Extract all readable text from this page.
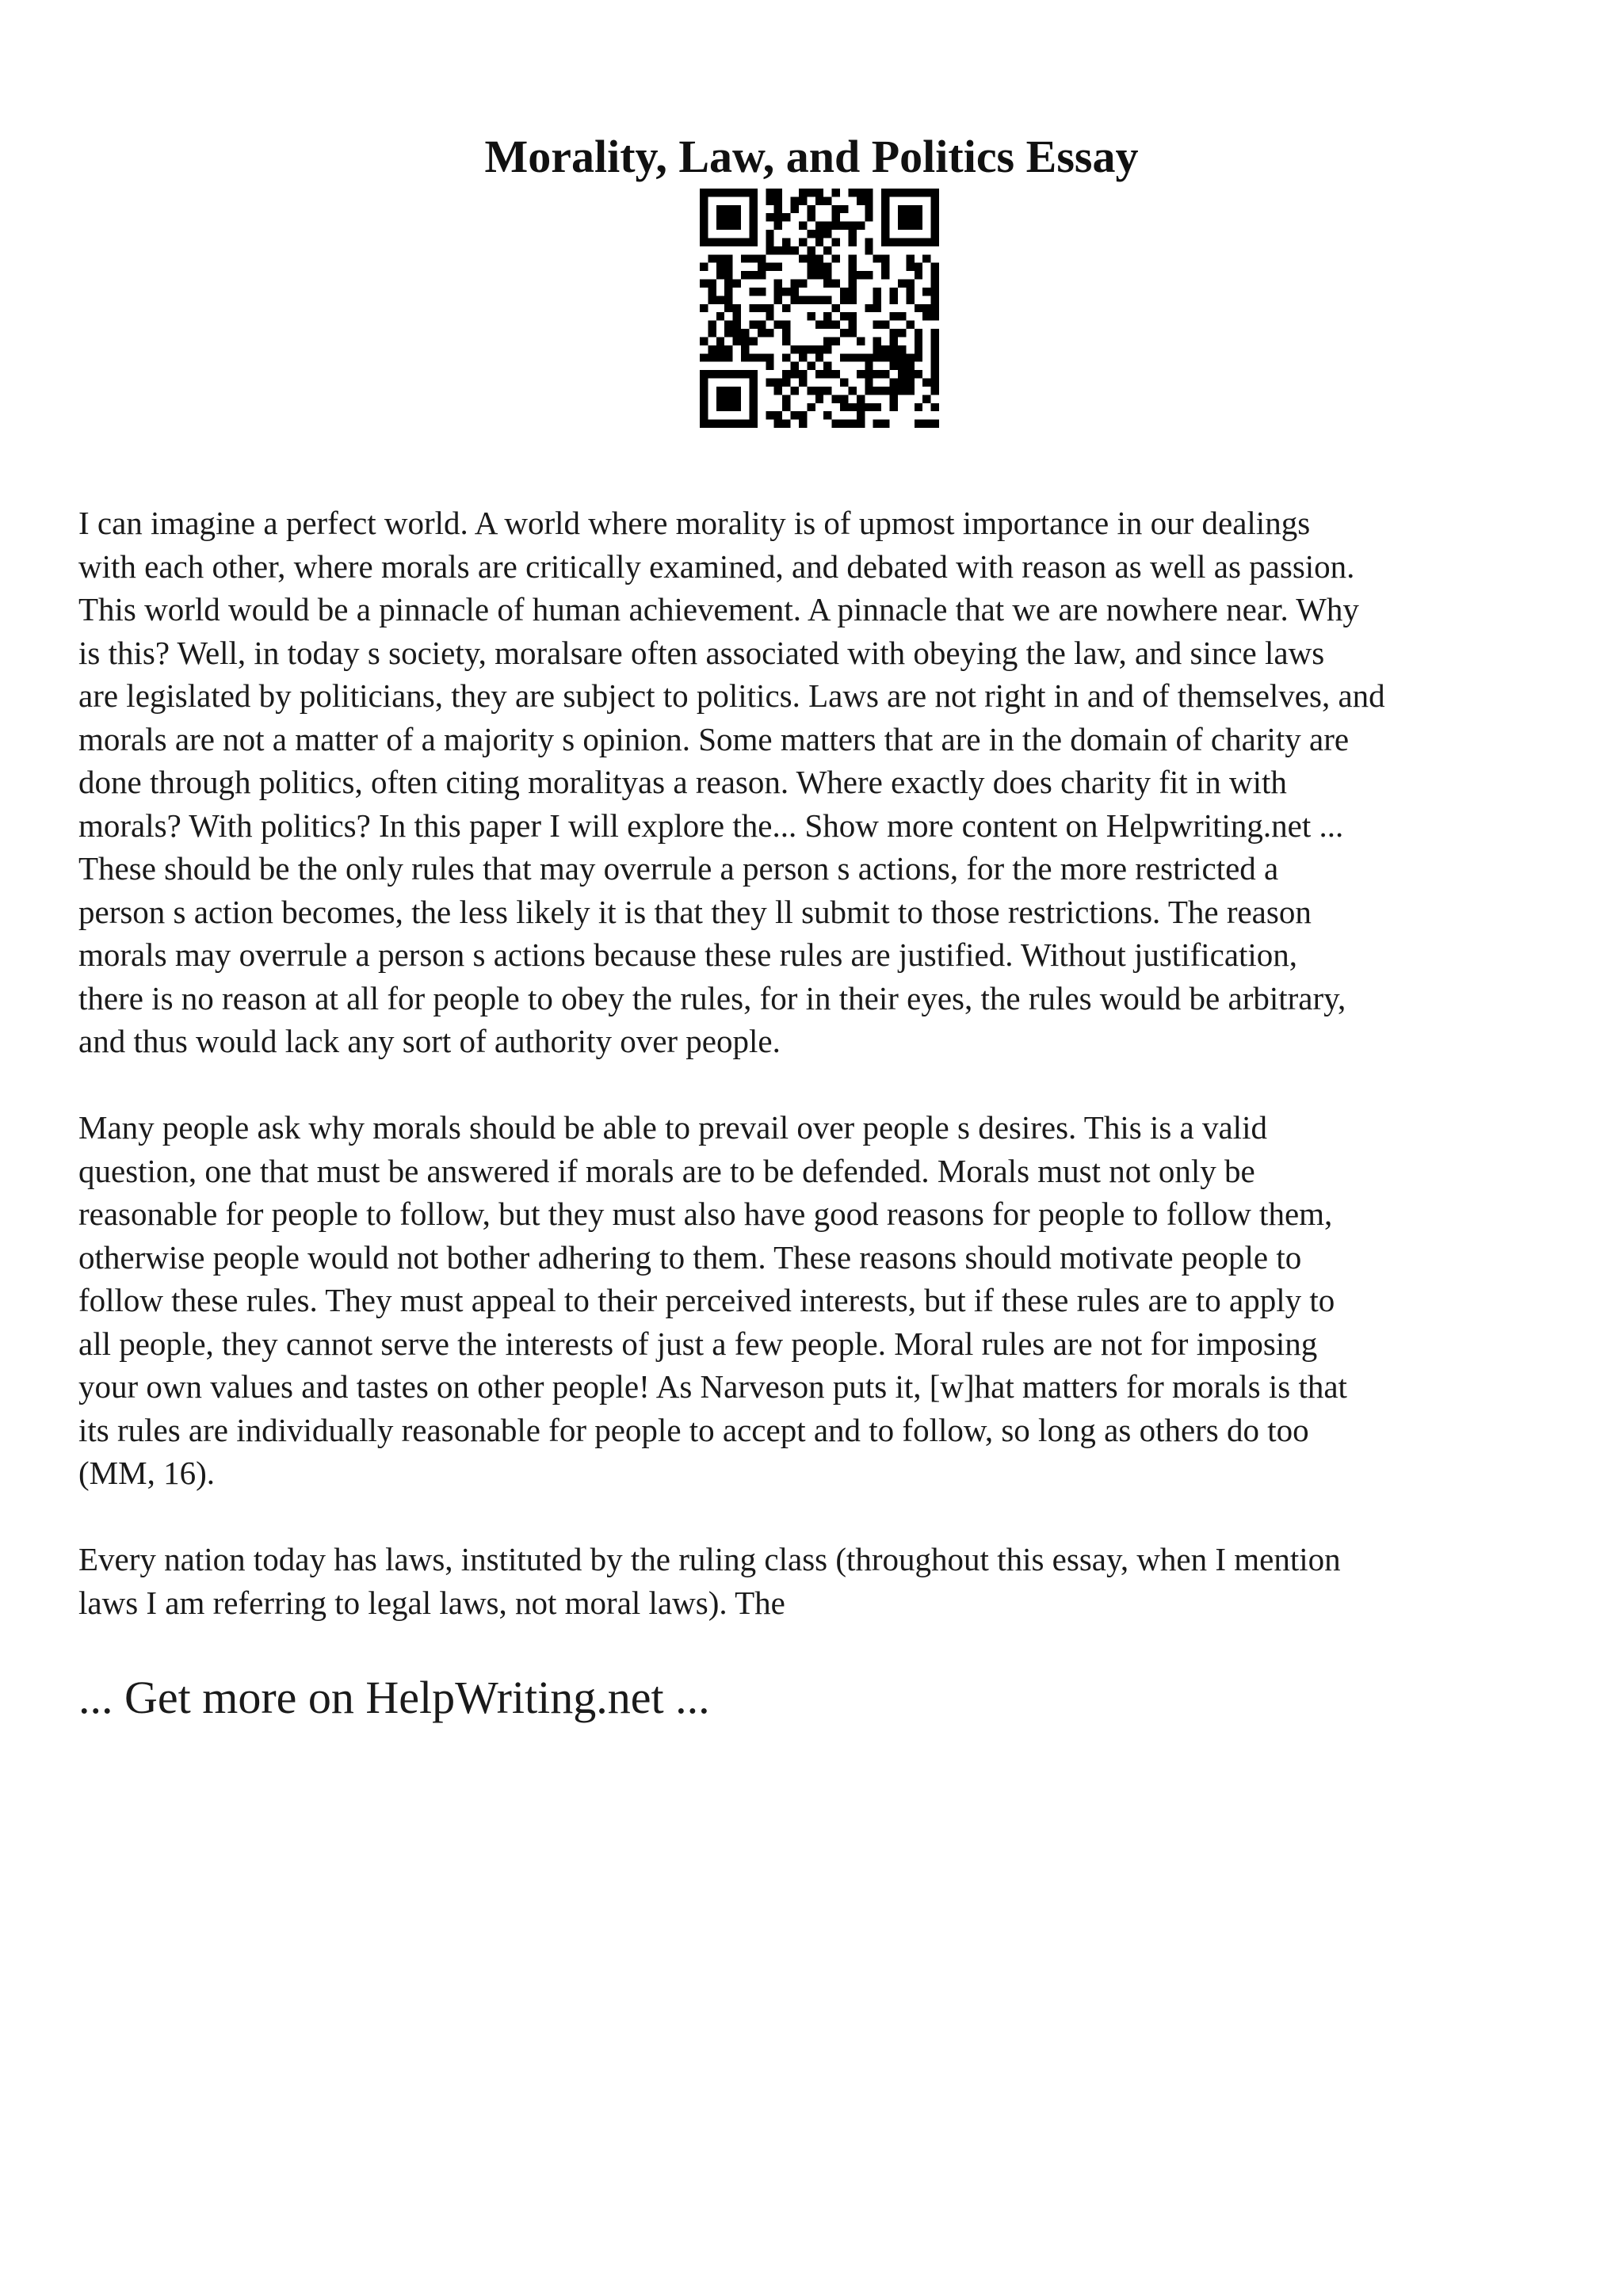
Morality, Law, and Politics Essay
I can imagine a perfect world. A world where morality is of upmost importance in our dealings
with each other, where morals are critically examined, and debated with reason as well as passion.
This world would be a pinnacle of human achievement. A pinnacle that we are nowhere near. Why
is this? Well, in today s society, moralsare often associated with obeying the law, and since laws
are legislated by politicians, they are subject to politics. Laws are not right in and of themselves, and
morals are not a matter of a majority s opinion. Some matters that are in the domain of charity are
done through politics, often citing moralityas a reason. Where exactly does charity fit in with
morals? With politics? In this paper I will explore the... Show more content on Helpwriting.net ...
These should be the only rules that may overrule a person s actions, for the more restricted a
person s action becomes, the less likely it is that they ll submit to those restrictions. The reason
morals may overrule a person s actions because these rules are justified. Without justification,
there is no reason at all for people to obey the rules, for in their eyes, the rules would be arbitrary,
and thus would lack any sort of authority over people.
Many people ask why morals should be able to prevail over people s desires. This is a valid
question, one that must be answered if morals are to be defended. Morals must not only be
reasonable for people to follow, but they must also have good reasons for people to follow them,
otherwise people would not bother adhering to them. These reasons should motivate people to
follow these rules. They must appeal to their perceived interests, but if these rules are to apply to
all people, they cannot serve the interests of just a few people. Moral rules are not for imposing
your own values and tastes on other people! As Narveson puts it, [w]hat matters for morals is that
its rules are individually reasonable for people to accept and to follow, so long as others do too
(MM, 16).
Every nation today has laws, instituted by the ruling class (throughout this essay, when I mention
laws I am referring to legal laws, not moral laws). The
... Get more on HelpWriting.net ...
